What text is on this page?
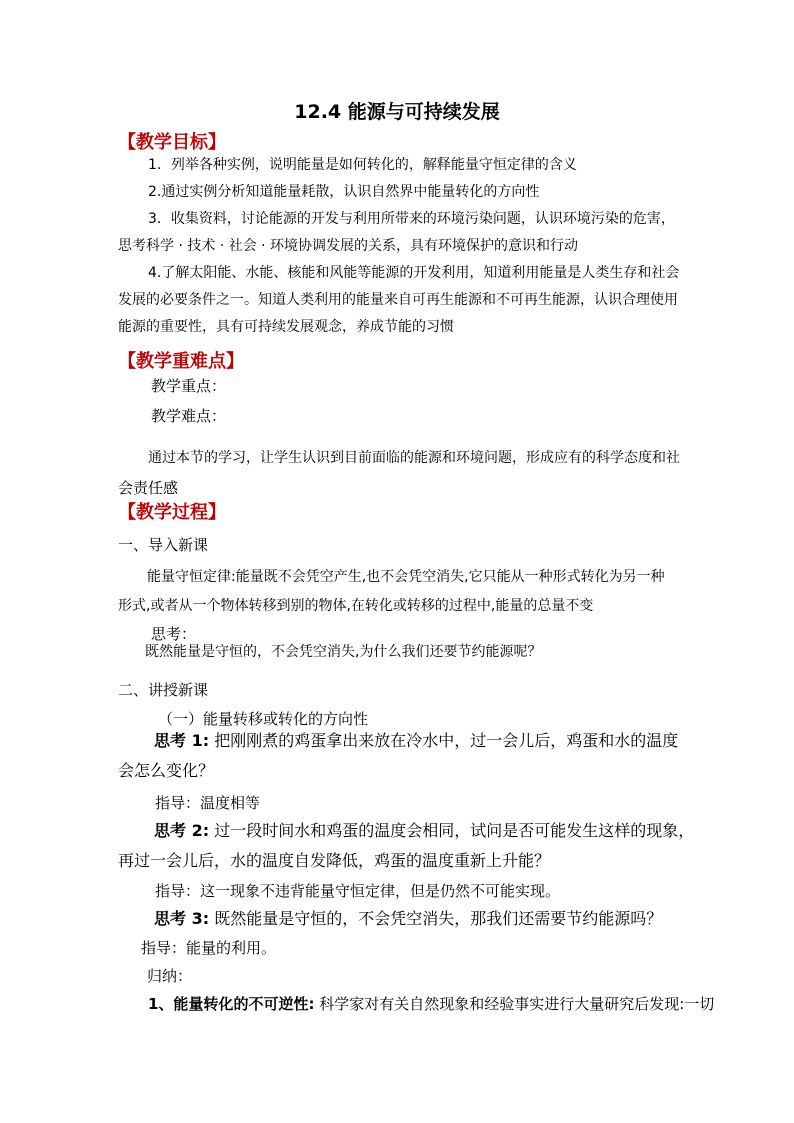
12.4 能源与可持续发展
【教学目标】
1．列举各种实例，说明能量是如何转化的，解释能量守恒定律的含义
2.通过实例分析知道能量耗散，认识自然界中能量转化的方向性
3．收集资料，讨论能源的开发与利用所带来的环境污染问题，认识环境污染的危害，
思考科学 · 技术 · 社会 · 环境协调发展的关系，具有环境保护的意识和行动
4.了解太阳能、水能、核能和风能等能源的开发利用，知道利用能量是人类生存和社会
发展的必要条件之一。知道人类利用的能量来自可再生能源和不可再生能源，认识合理使用
能源的重要性，具有可持续发展观念，养成节能的习惯
【教学重难点】
教学重点：
教学难点：
通过本节的学习，让学生认识到目前面临的能源和环境问题，形成应有的科学态度和社
会责任感
【教学过程】
一、导入新课
能量守恒定律:能量既不会凭空产生,也不会凭空消失,它只能从一种形式转化为另一种
形式,或者从一个物体转移到别的物体,在转化或转移的过程中,能量的总量不变
思考：
既然能量是守恒的，不会凭空消失,为什么我们还要节约能源呢？
二、讲授新课
（一）能量转移或转化的方向性
思考 1: 把刚刚煮的鸡蛋拿出来放在冷水中，过一会儿后，鸡蛋和水的温度
会怎么变化？
指导：温度相等
思考 2: 过一段时间水和鸡蛋的温度会相同，试问是否可能发生这样的现象，
再过一会儿后，水的温度自发降低，鸡蛋的温度重新上升能？
指导：这一现象不违背能量守恒定律，但是仍然不可能实现。
思考 3: 既然能量是守恒的，不会凭空消失，那我们还需要节约能源吗？
指导：能量的利用。
归纳：
1、能量转化的不可逆性: 科学家对有关自然现象和经验事实进行大量研究后发现:一切
